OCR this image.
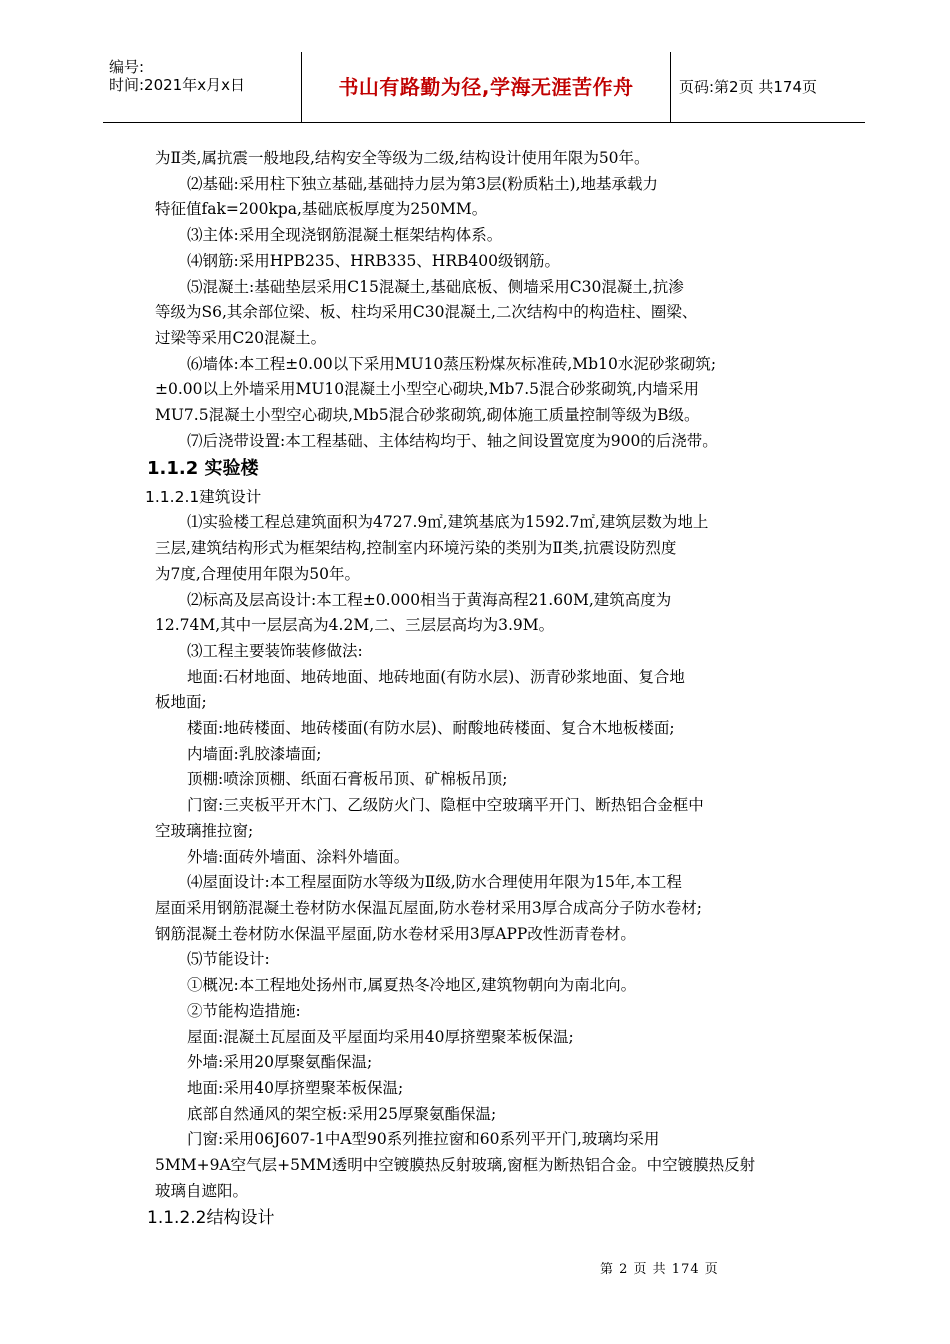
编号:
时间:2021年x月x日	书山有路勤为径,学海无涯苦作舟	页码:第2页 共174页

为Ⅱ类,属抗震一般地段,结构安全等级为二级,结构设计使用年限为50年。

⑵基础:采用柱下独立基础,基础持力层为第3层(粉质粘土),地基承载力

特征值fak=200kpa,基础底板厚度为250MM。

⑶主体:采用全现浇钢筋混凝土框架结构体系。

⑷钢筋:采用HPB235、HRB335、HRB400级钢筋。

⑸混凝土:基础垫层采用C15混凝土,基础底板、侧墙采用C30混凝土,抗渗

等级为S6,其余部位梁、板、柱均采用C30混凝土,二次结构中的构造柱、圈梁、

过梁等采用C20混凝土。

⑹墙体:本工程±0.00以下采用MU10蒸压粉煤灰标准砖,Mb10水泥砂浆砌筑;

±0.00以上外墙采用MU10混凝土小型空心砌块,Mb7.5混合砂浆砌筑,内墙采用

MU7.5混凝土小型空心砌块,Mb5混合砂浆砌筑,砌体施工质量控制等级为B级。

⑺后浇带设置:本工程基础、主体结构均于、轴之间设置宽度为900的后浇带。

1.1.2 实验楼

1.1.2.1建筑设计

⑴实验楼工程总建筑面积为4727.9㎡,建筑基底为1592.7㎡,建筑层数为地上

三层,建筑结构形式为框架结构,控制室内环境污染的类别为Ⅱ类,抗震设防烈度

为7度,合理使用年限为50年。

⑵标高及层高设计:本工程±0.000相当于黄海高程21.60M,建筑高度为

12.74M,其中一层层高为4.2M,二、三层层高均为3.9M。

⑶工程主要装饰装修做法:

地面:石材地面、地砖地面、地砖地面(有防水层)、沥青砂浆地面、复合地

板地面;

楼面:地砖楼面、地砖楼面(有防水层)、耐酸地砖楼面、复合木地板楼面;

内墙面:乳胶漆墙面;

顶棚:喷涂顶棚、纸面石膏板吊顶、矿棉板吊顶;

门窗:三夹板平开木门、乙级防火门、隐框中空玻璃平开门、断热铝合金框中

空玻璃推拉窗;

外墙:面砖外墙面、涂料外墙面。

⑷屋面设计:本工程屋面防水等级为Ⅱ级,防水合理使用年限为15年,本工程

屋面采用钢筋混凝土卷材防水保温瓦屋面,防水卷材采用3厚合成高分子防水卷材;

钢筋混凝土卷材防水保温平屋面,防水卷材采用3厚APP改性沥青卷材。

⑸节能设计:

①概况:本工程地处扬州市,属夏热冬冷地区,建筑物朝向为南北向。

②节能构造措施:

屋面:混凝土瓦屋面及平屋面均采用40厚挤塑聚苯板保温;

外墙:采用20厚聚氨酯保温;

地面:采用40厚挤塑聚苯板保温;

底部自然通风的架空板:采用25厚聚氨酯保温;

门窗:采用06J607-1中A型90系列推拉窗和60系列平开门,玻璃均采用

5MM+9A空气层+5MM透明中空镀膜热反射玻璃,窗框为断热铝合金。中空镀膜热反射

玻璃自遮阳。

1.1.2.2结构设计

第 2 页 共 174 页
